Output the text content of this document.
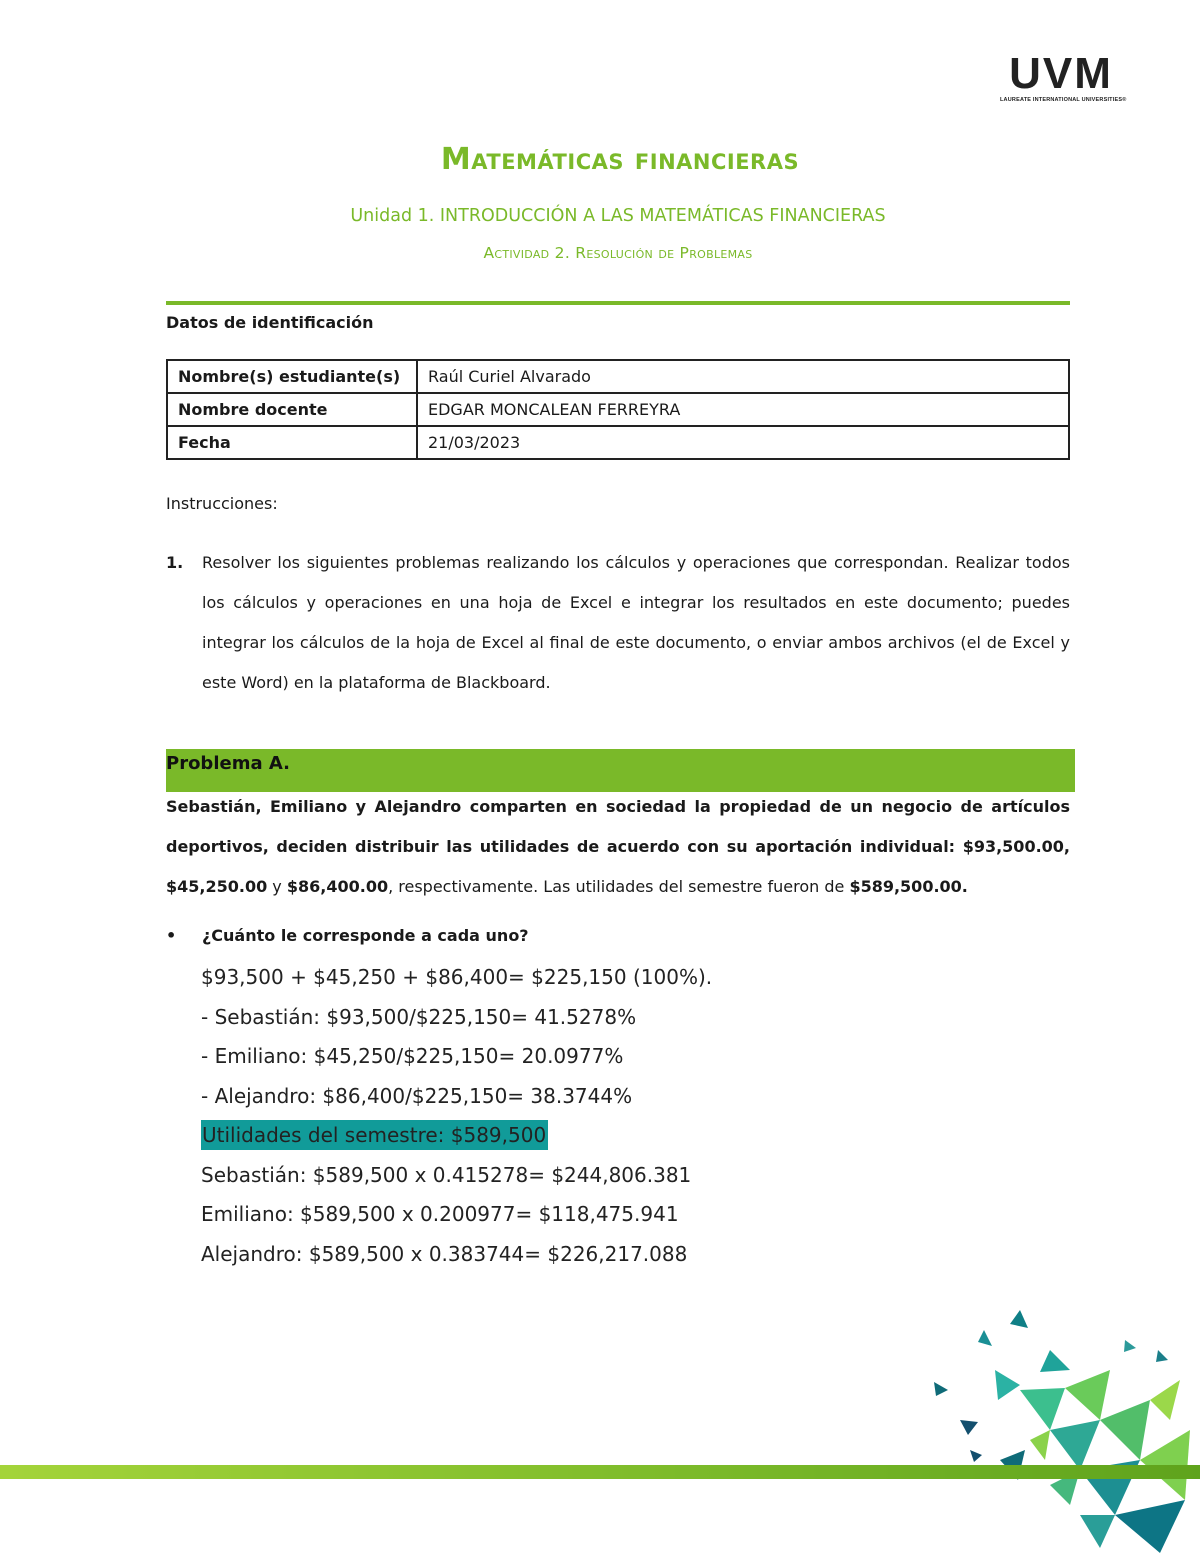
UVM
LAUREATE INTERNATIONAL UNIVERSITIES®
Matemáticas financieras
Unidad 1. INTRODUCCIÓN A LAS MATEMÁTICAS FINANCIERAS
Actividad 2. Resolución de Problemas
Datos de identificación
Nombre(s) estudiante(s)	Raúl Curiel Alvarado
Nombre docente	EDGAR MONCALEAN FERREYRA
Fecha	21/03/2023
Instrucciones:
1. Resolver los siguientes problemas realizando los cálculos y operaciones que correspondan. Realizar todos los cálculos y operaciones en una hoja de Excel e integrar los resultados en este documento; puedes integrar los cálculos de la hoja de Excel al final de este documento, o enviar ambos archivos (el de Excel y este Word) en la plataforma de Blackboard.
Problema A.
Sebastián, Emiliano y Alejandro comparten en sociedad la propiedad de un negocio de artículos deportivos, deciden distribuir las utilidades de acuerdo con su aportación individual: $93,500.00, $45,250.00 y $86,400.00, respectivamente. Las utilidades del semestre fueron de $589,500.00.
• ¿Cuánto le corresponde a cada uno?
$93,500 + $45,250 + $86,400= $225,150 (100%).
- Sebastián: $93,500/$225,150= 41.5278%
- Emiliano: $45,250/$225,150= 20.0977%
- Alejandro: $86,400/$225,150= 38.3744%
Utilidades del semestre: $589,500
Sebastián: $589,500 x 0.415278= $244,806.381
Emiliano: $589,500 x 0.200977= $118,475.941
Alejandro: $589,500 x 0.383744= $226,217.088
